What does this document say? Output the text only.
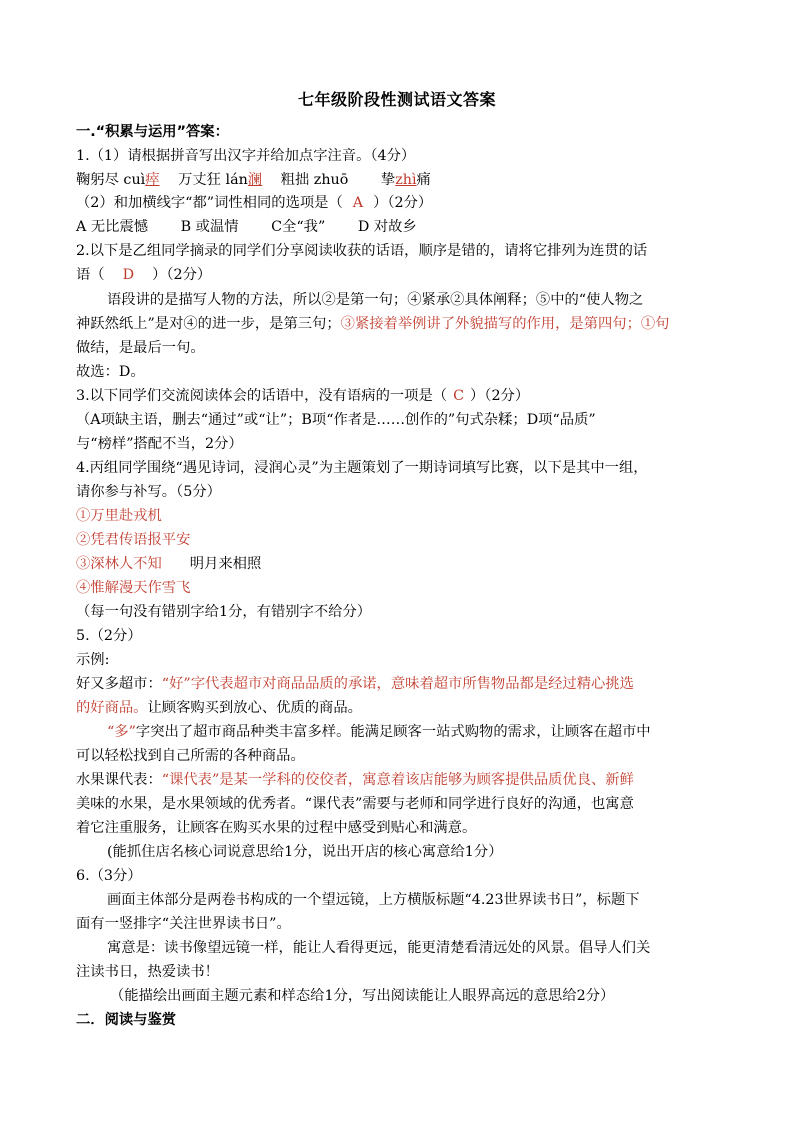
七年级阶段性测试语文答案
一.“积累与运用”答案：
1.（1）请根据拼音写出汉字并给加点字注音。（4分）
鞠躬尽 cuì瘁 万丈狂 lán澜 粗拙 zhuō 挚zhì痛
（2）和加横线字“都”词性相同的选项是（ A ）（2分）
A 无比震憾 B 或温情 C全“我” D 对故乡
2.以下是乙组同学摘录的同学们分享阅读收获的话语，顺序是错的，请将它排列为连贯的话
语（ D ）（2分）
语段讲的是描写人物的方法，所以②是第一句；④紧承②具体阐释；⑤中的“使人物之
神跃然纸上”是对④的进一步，是第三句；③紧接着举例讲了外貌描写的作用，是第四句；①句
做结，是最后一句。
故选：D。
3.以下同学们交流阅读体会的话语中，没有语病的一项是（ C ）（2分）
（A项缺主语，删去“通过”或“让”；B项“作者是……创作的”句式杂糅；D项“品质”
与“榜样”搭配不当，2分）
4.丙组同学围绕“遇见诗词，浸润心灵”为主题策划了一期诗词填写比赛，以下是其中一组，
请你参与补写。（5分）
①万里赴戎机
②凭君传语报平安
③深林人不知 明月来相照
④惟解漫天作雪飞
（每一句没有错别字给1分，有错别字不给分）
5.（2分）
示例:
好又多超市：“好”字代表超市对商品品质的承诺，意味着超市所售物品都是经过精心挑选
的好商品。让顾客购买到放心、优质的商品。
“多”字突出了超市商品种类丰富多样。能满足顾客一站式购物的需求，让顾客在超市中
可以轻松找到自己所需的各种商品。
水果课代表：“课代表”是某一学科的佼佼者，寓意着该店能够为顾客提供品质优良、新鲜
美味的水果，是水果领域的优秀者。“课代表”需要与老师和同学进行良好的沟通，也寓意
着它注重服务，让顾客在购买水果的过程中感受到贴心和满意。
(能抓住店名核心词说意思给1分，说出开店的核心寓意给1分）
6.（3分）
画面主体部分是两卷书构成的一个望远镜，上方横版标题“4.23世界读书日”，标题下
面有一竖排字“关注世界读书日”。
寓意是：读书像望远镜一样，能让人看得更远，能更清楚看清远处的风景。倡导人们关
注读书日，热爱读书！
（能描绘出画面主题元素和样态给1分，写出阅读能让人眼界高远的意思给2分）
二．阅读与鉴赏
